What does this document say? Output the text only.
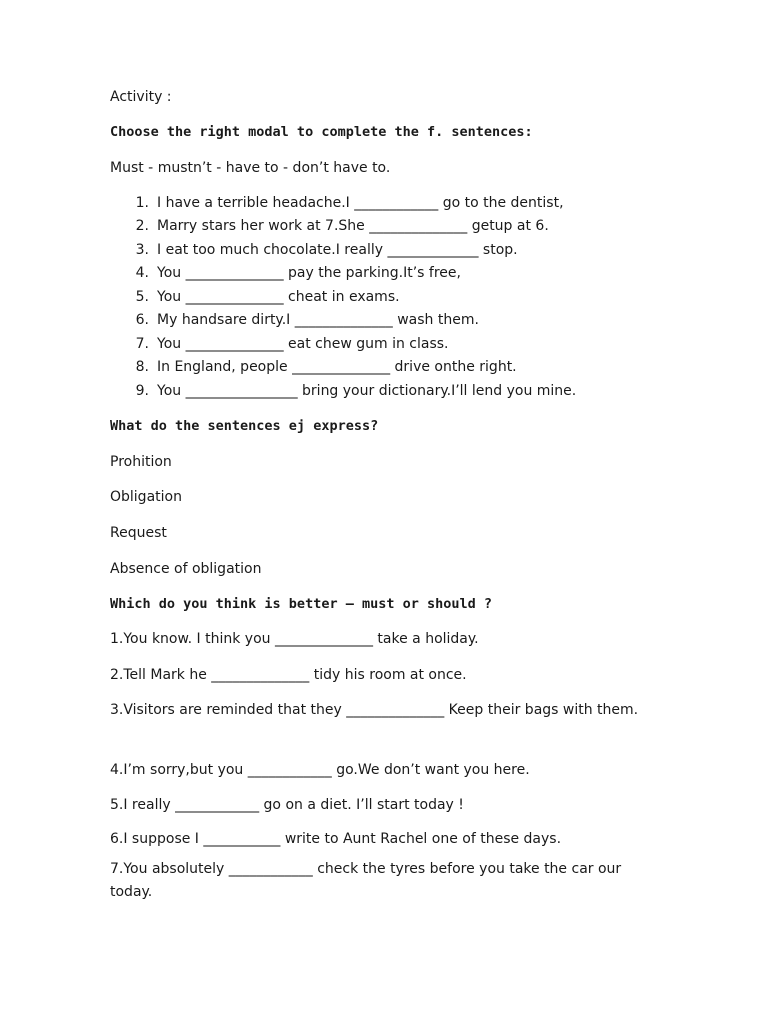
Activity :
Choose the right modal to complete the f. sentences:
Must - mustn’t - have to - don’t have to.
1. I have a terrible headache.I ____________ go to the dentist,
2. Marry stars her work at 7.She ______________ getup at 6.
3. I eat too much chocolate.I really _____________ stop.
4. You ______________ pay the parking.It’s free,
5. You ______________ cheat in exams.
6. My handsare dirty.I ______________ wash them.
7. You ______________ eat chew gum in class.
8. In England, people ______________ drive onthe right.
9. You ________________ bring your dictionary.I’ll lend you mine.
What do the sentences ej express?
Prohition
Obligation
Request
Absence of obligation
Which do you think is better – must or should ?
1.You know. I think you ______________ take a holiday.
2.Tell Mark he ______________ tidy his room at once.
3.Visitors are reminded that they ______________ Keep their bags with them.
4.I’m sorry,but you ____________ go.We don’t want you here.
5.I really ____________ go on a diet. I’ll start today !
6.I suppose I ___________ write to Aunt Rachel one of these days.
7.You absolutely ____________ check the tyres before you take the car our today.
